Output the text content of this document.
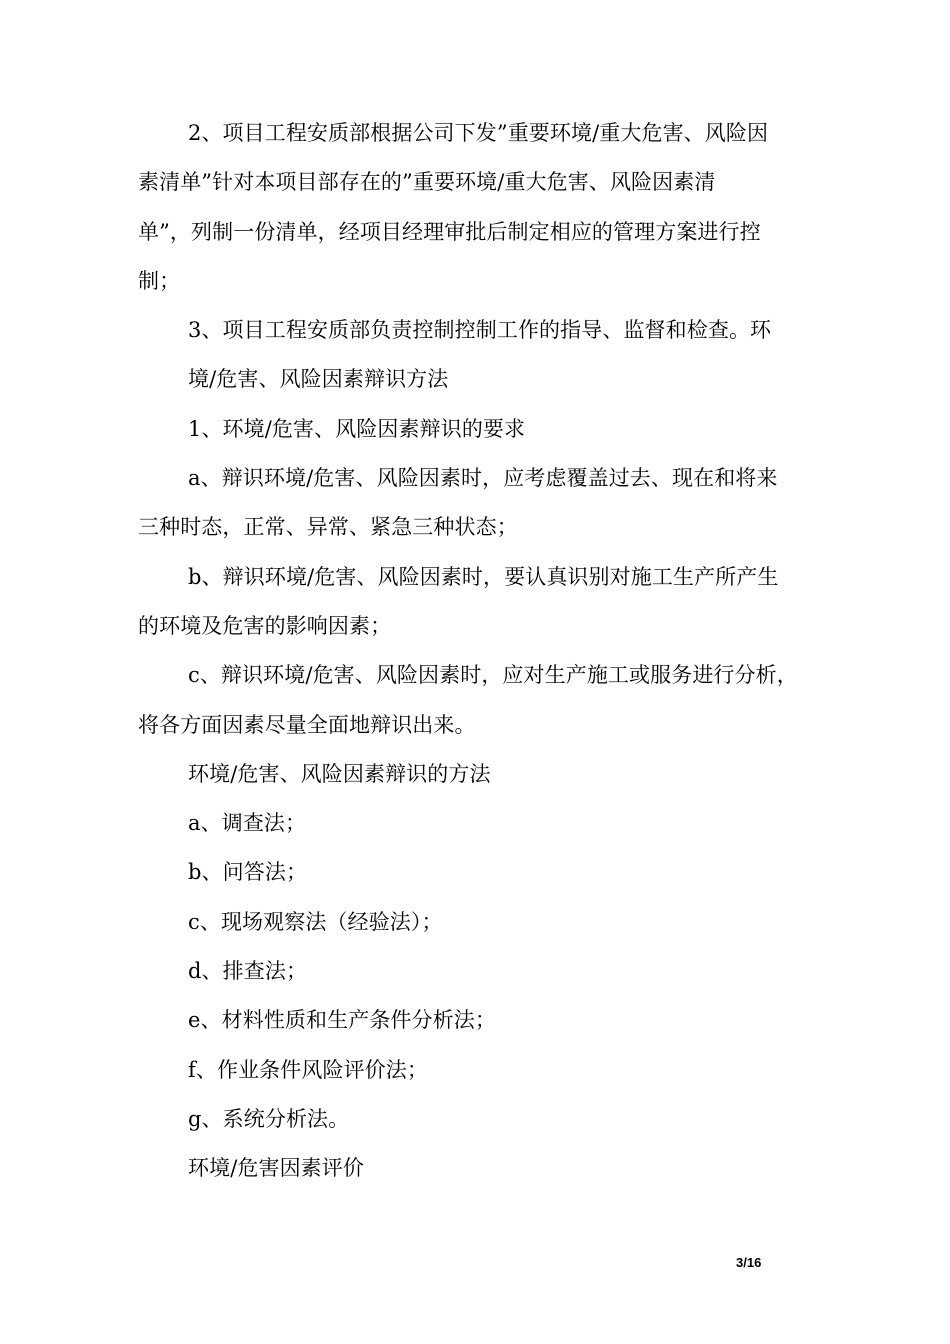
2、项目工程安质部根据公司下发”重要环境/重大危害、风险因
素清单”针对本项目部存在的”重要环境/重大危害、风险因素清
单”，列制一份清单，经项目经理审批后制定相应的管理方案进行控
制；
3、项目工程安质部负责控制控制工作的指导、监督和检查。环
境/危害、风险因素辩识方法
1、环境/危害、风险因素辩识的要求
a、辩识环境/危害、风险因素时，应考虑覆盖过去、现在和将来
三种时态，正常、异常、紧急三种状态；
b、辩识环境/危害、风险因素时，要认真识别对施工生产所产生
的环境及危害的影响因素；
c、辩识环境/危害、风险因素时，应对生产施工或服务进行分析，
将各方面因素尽量全面地辩识出来。
环境/危害、风险因素辩识的方法
a、调查法；
b、问答法；
c、现场观察法（经验法）；
d、排查法；
e、材料性质和生产条件分析法；
f、作业条件风险评价法；
g、系统分析法。
环境/危害因素评价
3/16
